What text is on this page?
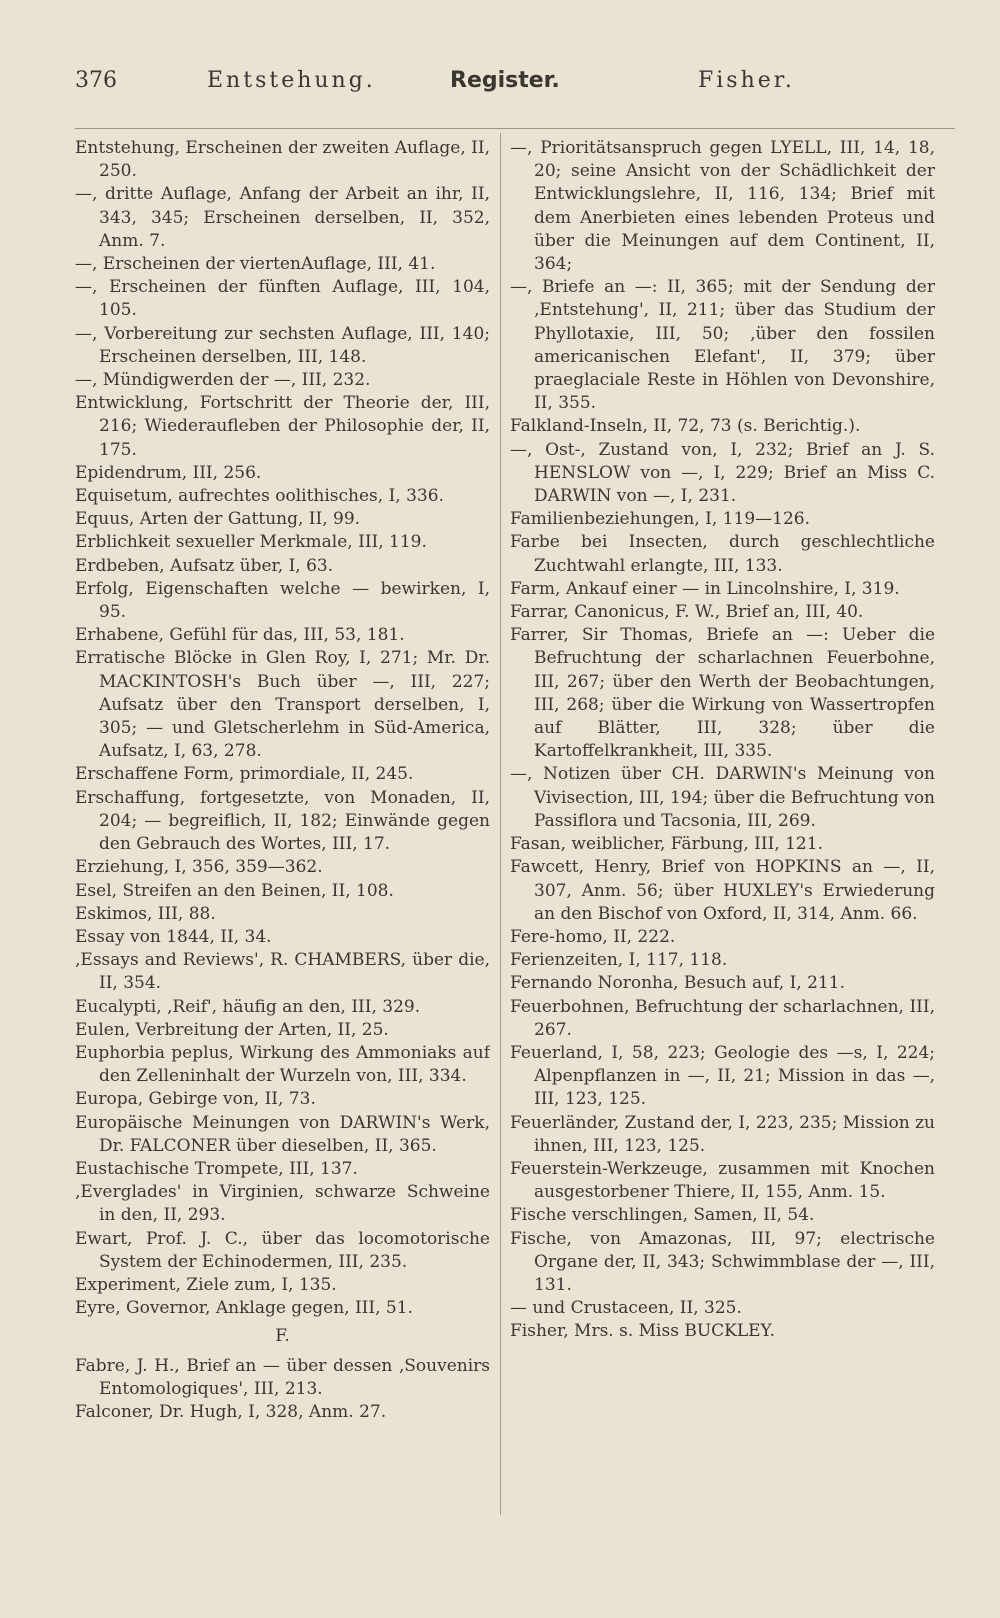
376	Entstehung.	Register.	Fisher.

Entstehung, Erscheinen der zweiten Auflage, II, 250.

—, dritte Auflage, Anfang der Arbeit an ihr, II, 343, 345; Erscheinen derselben, II, 352, Anm. 7.

—, Erscheinen der viertenAuflage, III, 41.

—, Erscheinen der fünften Auflage, III, 104, 105.

—, Vorbereitung zur sechsten Auflage, III, 140; Erscheinen derselben, III, 148.

—, Mündigwerden der —, III, 232.

Entwicklung, Fortschritt der Theorie der, III, 216; Wiederaufleben der Philosophie der, II, 175.

Epidendrum, III, 256.

Equisetum, aufrechtes oolithisches, I, 336.

Equus, Arten der Gattung, II, 99.

Erblichkeit sexueller Merkmale, III, 119.

Erdbeben, Aufsatz über, I, 63.

Erfolg, Eigenschaften welche — bewirken, I, 95.

Erhabene, Gefühl für das, III, 53, 181.

Erratische Blöcke in Glen Roy, I, 271; Mr. Dr. MACKINTOSH's Buch über —, III, 227; Aufsatz über den Transport derselben, I, 305; — und Gletscherlehm in Süd-America, Aufsatz, I, 63, 278.

Erschaffene Form, primordiale, II, 245.

Erschaffung, fortgesetzte, von Monaden, II, 204; — begreiflich, II, 182; Einwände gegen den Gebrauch des Wortes, III, 17.

Erziehung, I, 356, 359—362.

Esel, Streifen an den Beinen, II, 108.

Eskimos, III, 88.

Essay von 1844, II, 34.

‚Essays and Reviews', R. CHAMBERS, über die, II, 354.

Eucalypti, ‚Reif', häufig an den, III, 329.

Eulen, Verbreitung der Arten, II, 25.

Euphorbia peplus, Wirkung des Ammoniaks auf den Zelleninhalt der Wurzeln von, III, 334.

Europa, Gebirge von, II, 73.

Europäische Meinungen von DARWIN's Werk, Dr. FALCONER über dieselben, II, 365.

Eustachische Trompete, III, 137.

‚Everglades' in Virginien, schwarze Schweine in den, II, 293.

Ewart, Prof. J. C., über das locomotorische System der Echinodermen, III, 235.

Experiment, Ziele zum, I, 135.

Eyre, Governor, Anklage gegen, III, 51.

F.

Fabre, J. H., Brief an — über dessen ‚Souvenirs Entomologiques', III, 213.

Falconer, Dr. Hugh, I, 328, Anm. 27.

—, Prioritätsanspruch gegen LYELL, III, 14, 18, 20; seine Ansicht von der Schädlichkeit der Entwicklungslehre, II, 116, 134; Brief mit dem Anerbieten eines lebenden Proteus und über die Meinungen auf dem Continent, II, 364;

—, Briefe an —: II, 365; mit der Sendung der ‚Entstehung', II, 211; über das Studium der Phyllotaxie, III, 50; ‚über den fossilen americanischen Elefant', II, 379; über praeglaciale Reste in Höhlen von Devonshire, II, 355.

Falkland-Inseln, II, 72, 73 (s. Berichtig.).

—, Ost-, Zustand von, I, 232; Brief an J. S. HENSLOW von —, I, 229; Brief an Miss C. DARWIN von —, I, 231.

Familienbeziehungen, I, 119—126.

Farbe bei Insecten, durch geschlechtliche Zuchtwahl erlangte, III, 133.

Farm, Ankauf einer — in Lincolnshire, I, 319.

Farrar, Canonicus, F. W., Brief an, III, 40.

Farrer, Sir Thomas, Briefe an —: Ueber die Befruchtung der scharlachnen Feuerbohne, III, 267; über den Werth der Beobachtungen, III, 268; über die Wirkung von Wassertropfen auf Blätter, III, 328; über die Kartoffelkrankheit, III, 335.

—, Notizen über CH. DARWIN's Meinung von Vivisection, III, 194; über die Befruchtung von Passiflora und Tacsonia, III, 269.

Fasan, weiblicher, Färbung, III, 121.

Fawcett, Henry, Brief von HOPKINS an —, II, 307, Anm. 56; über HUXLEY's Erwiederung an den Bischof von Oxford, II, 314, Anm. 66.

Fere-homo, II, 222.

Ferienzeiten, I, 117, 118.

Fernando Noronha, Besuch auf, I, 211.

Feuerbohnen, Befruchtung der scharlachnen, III, 267.

Feuerland, I, 58, 223; Geologie des —s, I, 224; Alpenpflanzen in —, II, 21; Mission in das —, III, 123, 125.

Feuerländer, Zustand der, I, 223, 235; Mission zu ihnen, III, 123, 125.

Feuerstein-Werkzeuge, zusammen mit Knochen ausgestorbener Thiere, II, 155, Anm. 15.

Fische verschlingen, Samen, II, 54.

Fische, von Amazonas, III, 97; electrische Organe der, II, 343; Schwimmblase der —, III, 131.

— und Crustaceen, II, 325.

Fisher, Mrs. s. Miss BUCKLEY.
